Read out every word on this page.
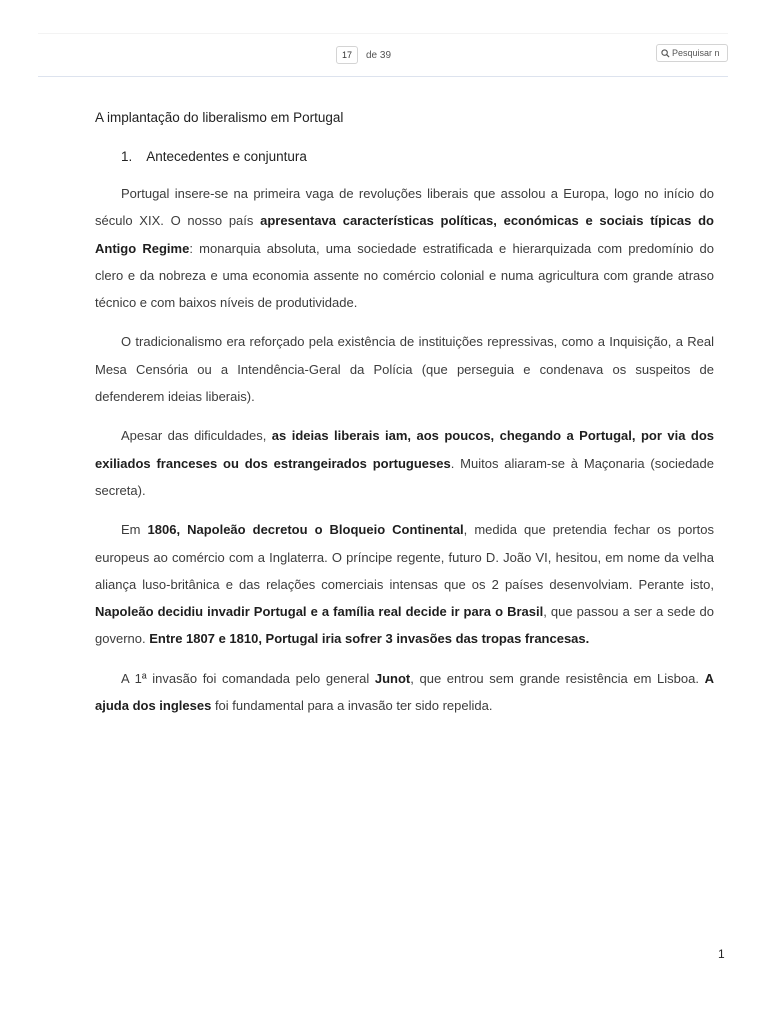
17
de 39
Pesquisar n

A implantação do liberalismo em Portugal

1. Antecedentes e conjuntura

Portugal insere-se na primeira vaga de revoluções liberais que assolou a Europa, logo no início do século XIX. O nosso país apresentava características políticas, económicas e sociais típicas do Antigo Regime: monarquia absoluta, uma sociedade estratificada e hierarquizada com predomínio do clero e da nobreza e uma economia assente no comércio colonial e numa agricultura com grande atraso técnico e com baixos níveis de produtividade.

O tradicionalismo era reforçado pela existência de instituições repressivas, como a Inquisição, a Real Mesa Censória ou a Intendência-Geral da Polícia (que perseguia e condenava os suspeitos de defenderem ideias liberais).

Apesar das dificuldades, as ideias liberais iam, aos poucos, chegando a Portugal, por via dos exiliados franceses ou dos estrangeirados portugueses. Muitos aliaram-se à Maçonaria (sociedade secreta).

Em 1806, Napoleão decretou o Bloqueio Continental, medida que pretendia fechar os portos europeus ao comércio com a Inglaterra. O príncipe regente, futuro D. João VI, hesitou, em nome da velha aliança luso-britânica e das relações comerciais intensas que os 2 países desenvolviam. Perante isto, Napoleão decidiu invadir Portugal e a família real decide ir para o Brasil, que passou a ser a sede do governo. Entre 1807 e 1810, Portugal iria sofrer 3 invasões das tropas francesas.

A 1ª invasão foi comandada pelo general Junot, que entrou sem grande resistência em Lisboa. A ajuda dos ingleses foi fundamental para a invasão ter sido repelida.

1
